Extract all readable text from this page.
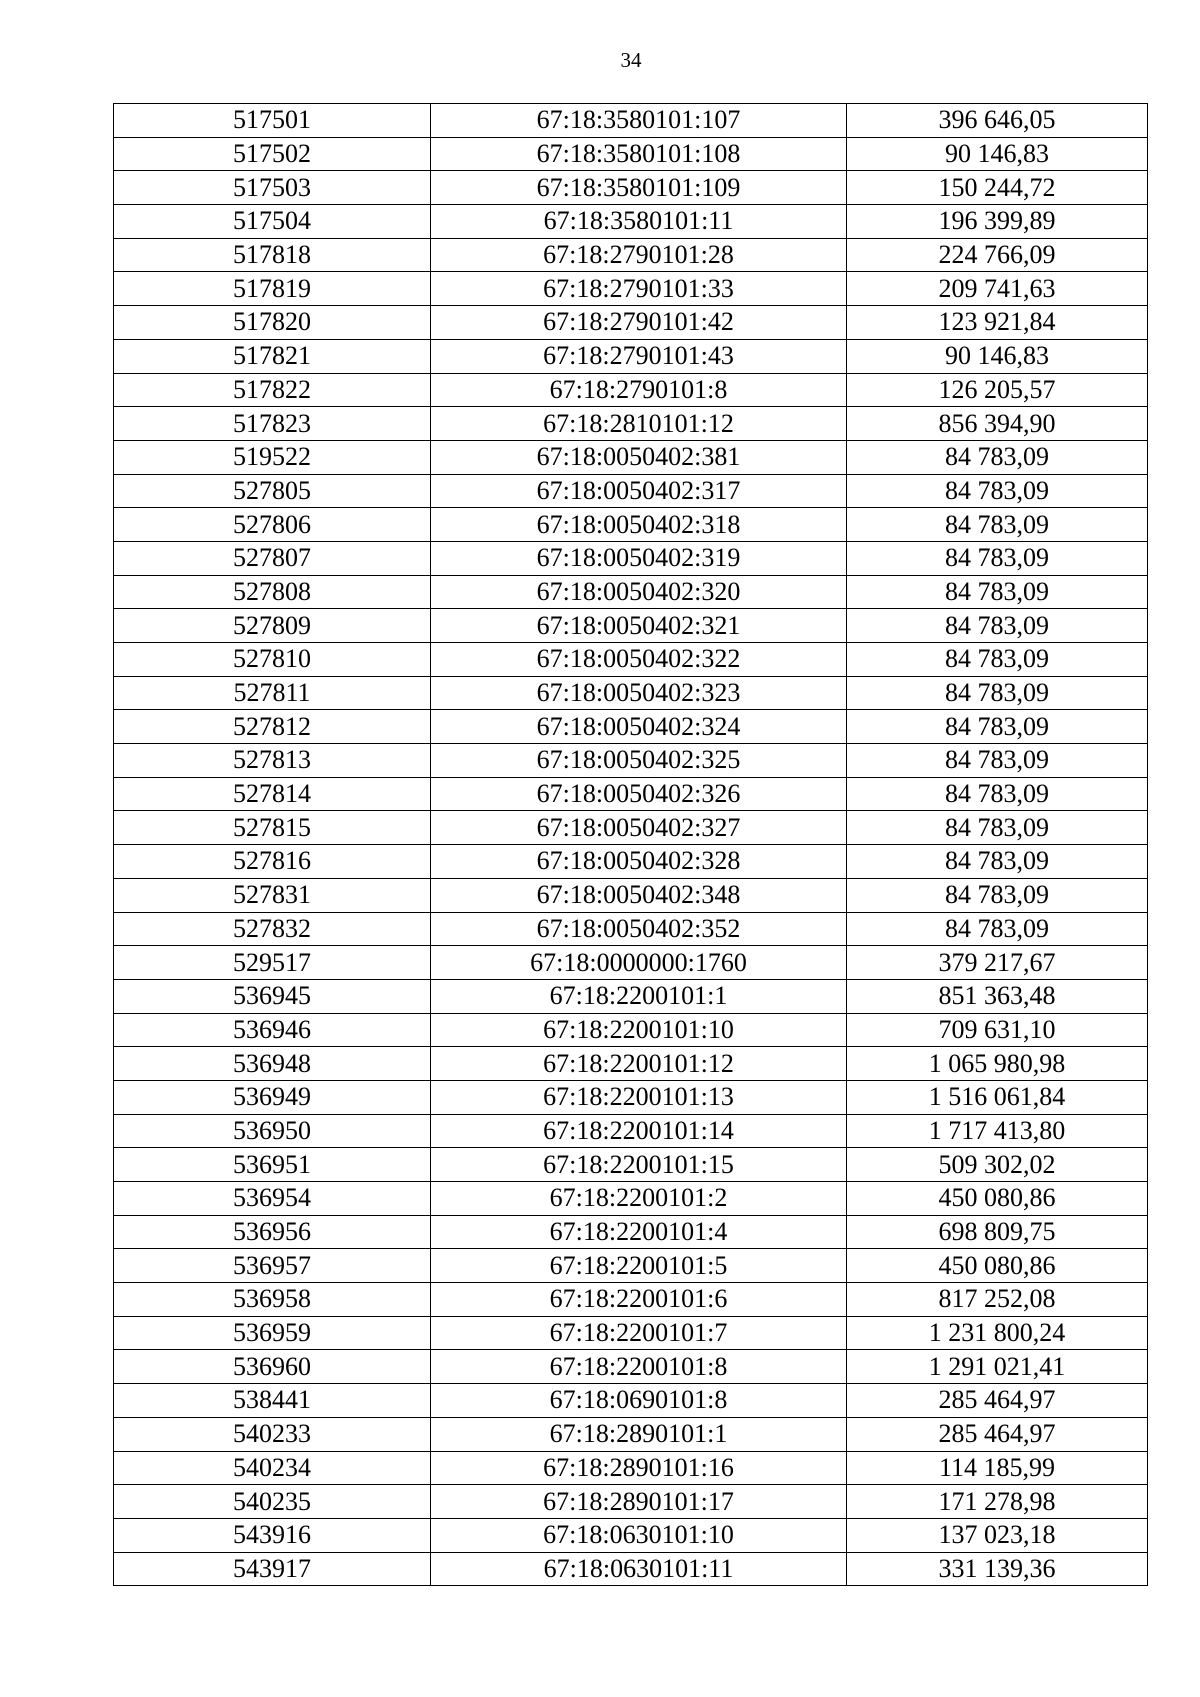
34
517501	67:18:3580101:107	396 646,05
517502	67:18:3580101:108	90 146,83
517503	67:18:3580101:109	150 244,72
517504	67:18:3580101:11	196 399,89
517818	67:18:2790101:28	224 766,09
517819	67:18:2790101:33	209 741,63
517820	67:18:2790101:42	123 921,84
517821	67:18:2790101:43	90 146,83
517822	67:18:2790101:8	126 205,57
517823	67:18:2810101:12	856 394,90
519522	67:18:0050402:381	84 783,09
527805	67:18:0050402:317	84 783,09
527806	67:18:0050402:318	84 783,09
527807	67:18:0050402:319	84 783,09
527808	67:18:0050402:320	84 783,09
527809	67:18:0050402:321	84 783,09
527810	67:18:0050402:322	84 783,09
527811	67:18:0050402:323	84 783,09
527812	67:18:0050402:324	84 783,09
527813	67:18:0050402:325	84 783,09
527814	67:18:0050402:326	84 783,09
527815	67:18:0050402:327	84 783,09
527816	67:18:0050402:328	84 783,09
527831	67:18:0050402:348	84 783,09
527832	67:18:0050402:352	84 783,09
529517	67:18:0000000:1760	379 217,67
536945	67:18:2200101:1	851 363,48
536946	67:18:2200101:10	709 631,10
536948	67:18:2200101:12	1 065 980,98
536949	67:18:2200101:13	1 516 061,84
536950	67:18:2200101:14	1 717 413,80
536951	67:18:2200101:15	509 302,02
536954	67:18:2200101:2	450 080,86
536956	67:18:2200101:4	698 809,75
536957	67:18:2200101:5	450 080,86
536958	67:18:2200101:6	817 252,08
536959	67:18:2200101:7	1 231 800,24
536960	67:18:2200101:8	1 291 021,41
538441	67:18:0690101:8	285 464,97
540233	67:18:2890101:1	285 464,97
540234	67:18:2890101:16	114 185,99
540235	67:18:2890101:17	171 278,98
543916	67:18:0630101:10	137 023,18
543917	67:18:0630101:11	331 139,36
